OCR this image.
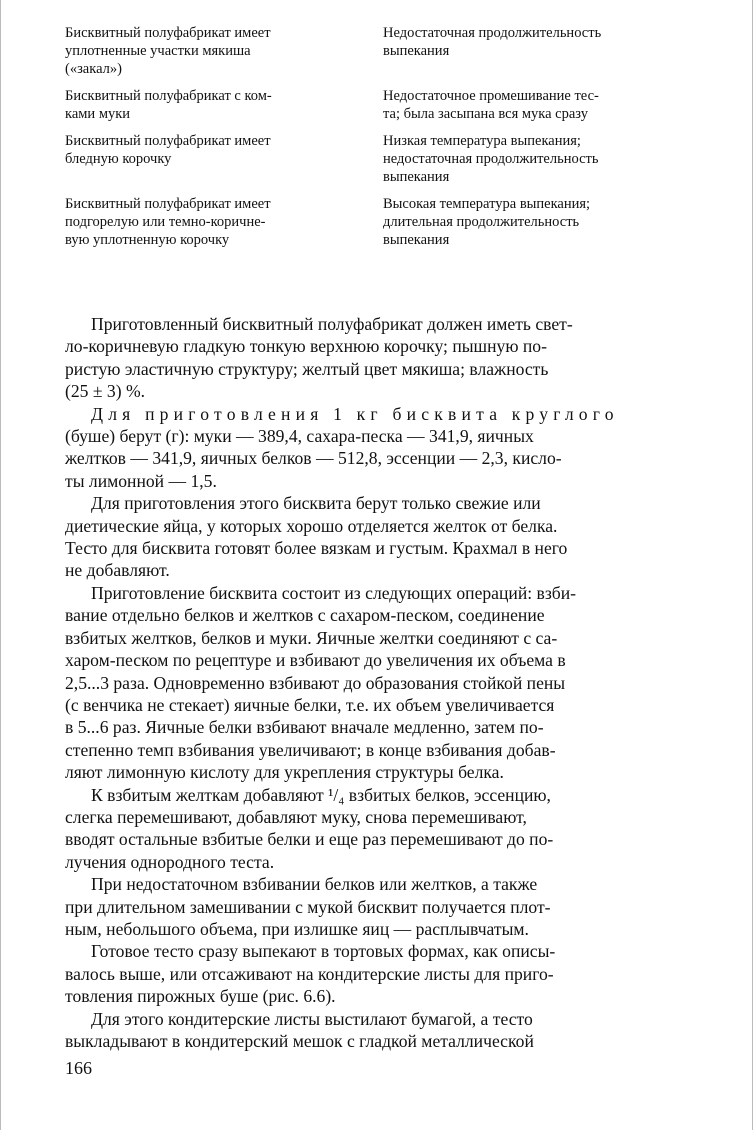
Бисквитный полуфабрикат имеет
уплотненные участки мякиша
(«закал»)
Недостаточная продолжительность
выпекания
Бисквитный полуфабрикат с ком-
ками муки
Недостаточное промешивание тес-
та; была засыпана вся мука сразу
Бисквитный полуфабрикат имеет
бледную корочку
Низкая температура выпекания;
недостаточная продолжительность
выпекания
Бисквитный полуфабрикат имеет
подгорелую или темно-коричне-
вую уплотненную корочку
Высокая температура выпекания;
длительная продолжительность
выпекания
Приготовленный бисквитный полуфабрикат должен иметь свет-
ло-коричневую гладкую тонкую верхнюю корочку; пышную по-
ристую эластичную структуру; желтый цвет мякиша; влажность
(25 ± 3) %.
Для приготовления 1 кг бисквита круглого
(буше) берут (г): муки — 389,4, сахара-песка — 341,9, яичных
желтков — 341,9, яичных белков — 512,8, эссенции — 2,3, кисло-
ты лимонной — 1,5.
Для приготовления этого бисквита берут только свежие или
диетические яйца, у которых хорошо отделяется желток от белка.
Тесто для бисквита готовят более вязкам и густым. Крахмал в него
не добавляют.
Приготовление бисквита состоит из следующих операций: взби-
вание отдельно белков и желтков с сахаром-песком, соединение
взбитых желтков, белков и муки. Яичные желтки соединяют с са-
харом-песком по рецептуре и взбивают до увеличения их объема в
2,5...3 раза. Одновременно взбивают до образования стойкой пены
(с венчика не стекает) яичные белки, т.е. их объем увеличивается
в 5...6 раз. Яичные белки взбивают вначале медленно, затем по-
степенно темп взбивания увеличивают; в конце взбивания добав-
ляют лимонную кислоту для укрепления структуры белка.
К взбитым желткам добавляют ¹/₄ взбитых белков, эссенцию,
слегка перемешивают, добавляют муку, снова перемешивают,
вводят остальные взбитые белки и еще раз перемешивают до по-
лучения однородного теста.
При недостаточном взбивании белков или желтков, а также
при длительном замешивании с мукой бисквит получается плот-
ным, небольшого объема, при излишке яиц — расплывчатым.
Готовое тесто сразу выпекают в тортовых формах, как описы-
валось выше, или отсаживают на кондитерские листы для приго-
товления пирожных буше (рис. 6.6).
Для этого кондитерские листы выстилают бумагой, а тесто
выкладывают в кондитерский мешок с гладкой металлической
166
